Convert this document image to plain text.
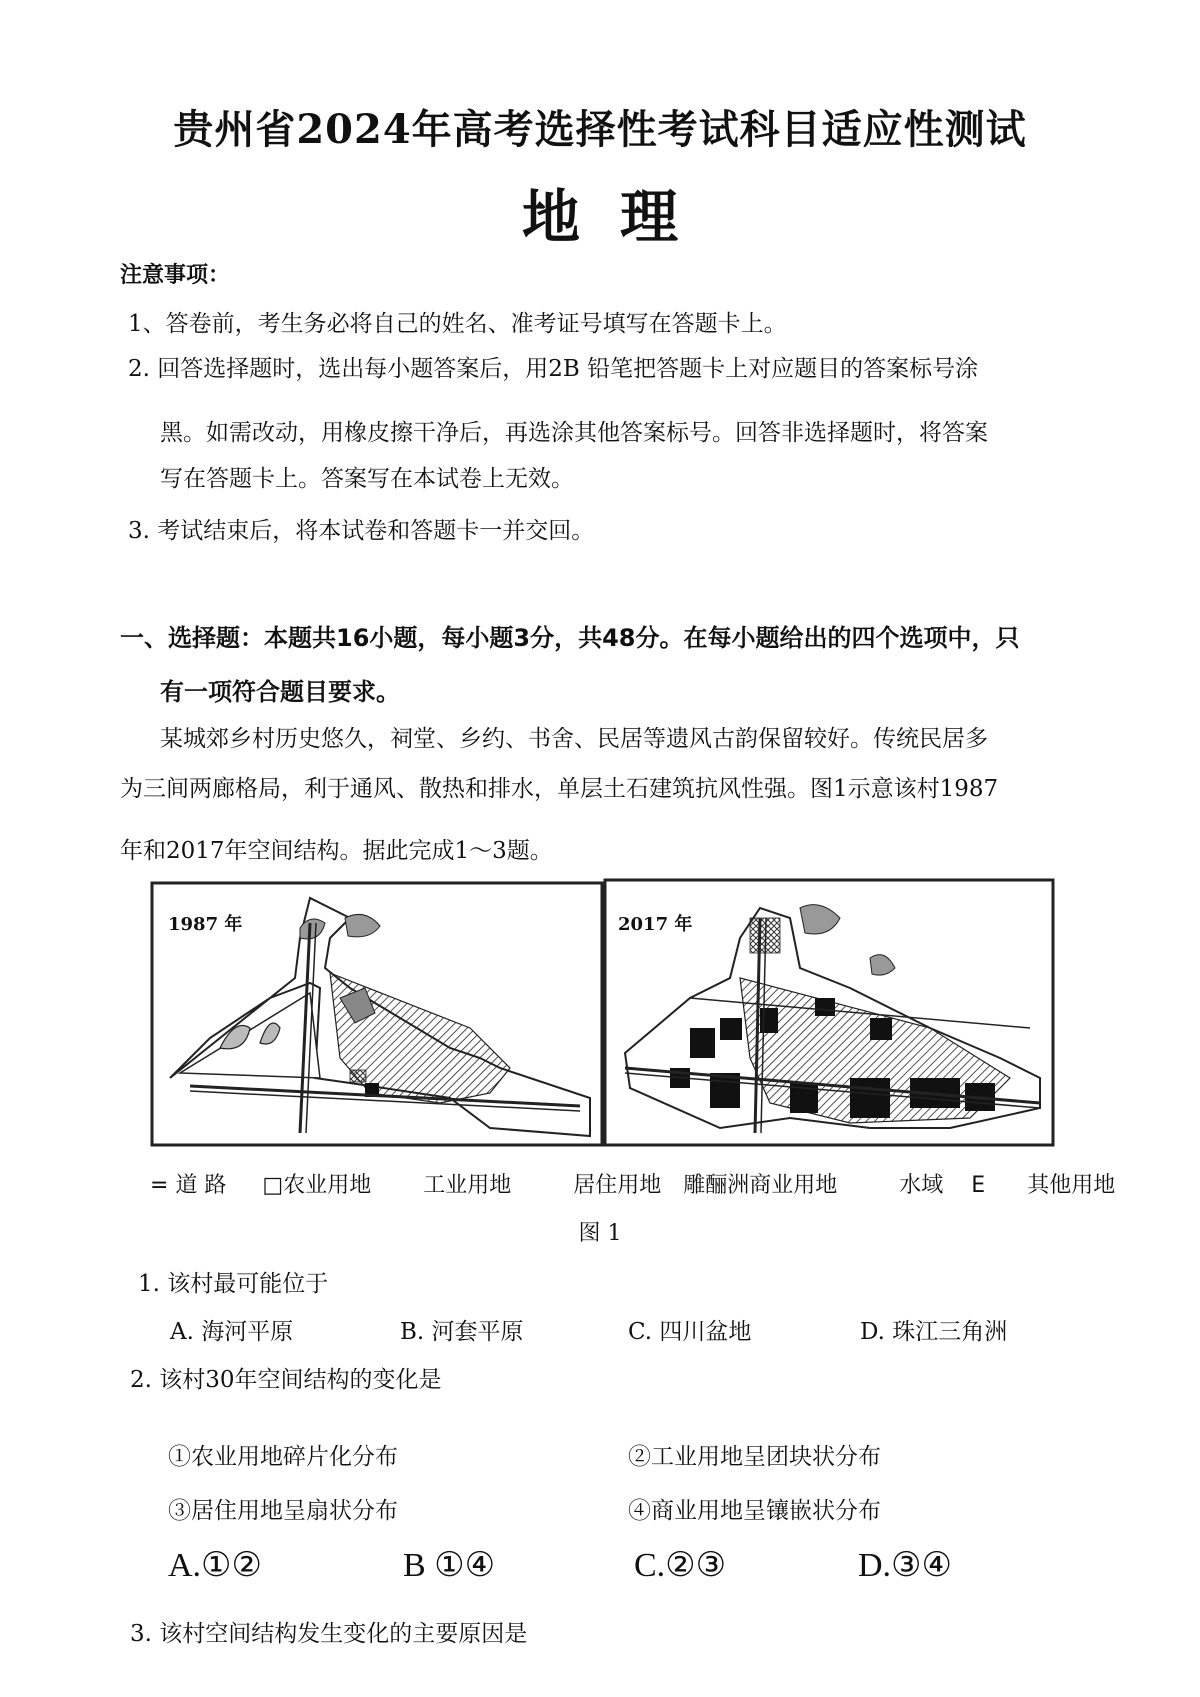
贵州省2024年高考选择性考试科目适应性测试
地理
注意事项：
1、答卷前，考生务必将自己的姓名、准考证号填写在答题卡上。
2. 回答选择题时，选出每小题答案后，用2B 铅笔把答题卡上对应题目的答案标号涂
黑。如需改动，用橡皮擦干净后，再选涂其他答案标号。回答非选择题时，将答案
写在答题卡上。答案写在本试卷上无效。
3. 考试结束后，将本试卷和答题卡一并交回。
一、选择题：本题共16小题，每小题3分，共48分。在每小题给出的四个选项中，只
有一项符合题目要求。
某城郊乡村历史悠久，祠堂、乡约、书舍、民居等遗风古韵保留较好。传统民居多
为三间两廊格局，利于通风、散热和排水，单层土石建筑抗风性强。图1示意该村1987
年和2017年空间结构。据此完成1～3题。
1987 年	2017 年
= 道 路 □农业用地 工业用地	居住用地 雕酾洲商业用地	水域 E 其他用地
图 1
1. 该村最可能位于
A. 海河平原	B. 河套平原	C. 四川盆地	D. 珠江三角洲
2. 该村30年空间结构的变化是
①农业用地碎片化分布	②工业用地呈团块状分布
③居住用地呈扇状分布	④商业用地呈镶嵌状分布
A.①②	B ①④	C.②③	D.③④
3. 该村空间结构发生变化的主要原因是
